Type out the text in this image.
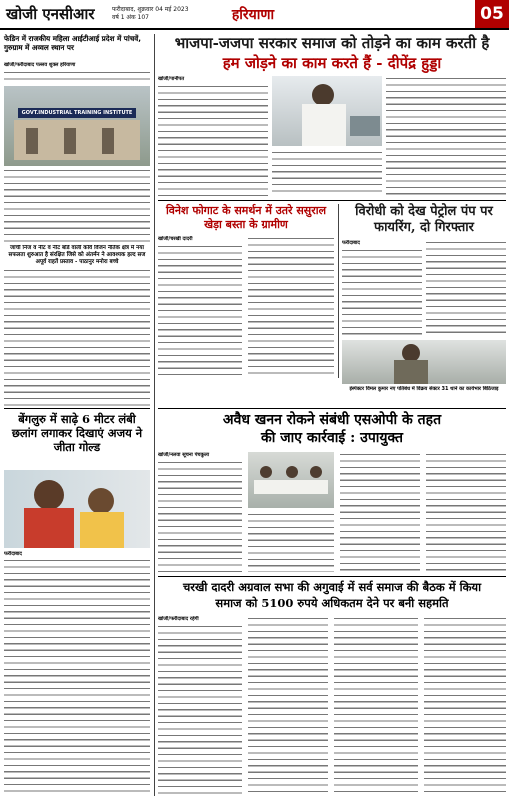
खोजी एनसीआर	फरीदाबाद, शुक्रवार 04 मई 2023
वर्ष 1 अंक 107	हरियाणा	05
फेडिन में राजकीय महिला आईटीआई प्रदेश में पांचवें, गुरुग्राम में अव्वल स्थान पर
खोजी/फरीदाबाद पल्लव शुक्ल हरियाणा
GOVT.INDUSTRIAL TRAINING INSTITUTE
जांची निज व नीट व नीट बोर्ड वाली कवि विजन नैतिक क्षेत्र मे नया सफलता शुरुआत है संरक्षित जिसे को अंतर्मन ने आवश्यक हल्द सज अपूर्व राहतें प्रस्ताव - पाठानुर मनोरा बच्चे
बेंगलुरु में साढ़े 6 मीटर लंबी छलांग लगाकर दिखाएं अजय ने जीता गोल्ड
फरीदाबाद
भाजपा-जजपा सरकार समाज को तोड़ने का काम करती है
हम जोड़ने का काम करते हैं - दीपेंद्र हुड्डा
खोजी/पानीपत
विनेश फोगाट के समर्थन में उतरे ससुराल खेड़ा बस्ता के ग्रामीण
खोजी/चरखी दादरी
विरोधी को देख पेट्रोल पंप पर फायरिंग, दो गिरफ्तार
फरीदाबाद
इंस्पेक्टर विमल कुमार नए पतिबंध में विक्रय सेक्टर 31 थाने का कार्यभार बिठिजाइ
अवैध खनन रोकने संबंधी एसओपी के तहत
की जाए कार्रवाई : उपायुक्त
खोजी/नलवा सूचना पंचकुला
चरखी दादरी अग्रवाल सभा की अगुवाई में सर्व समाज की बैठक में किया
समाज को 5100 रुपये अधिकतम देने पर बनी सहमति
खोजी/फरीदाबाद रहेगी
